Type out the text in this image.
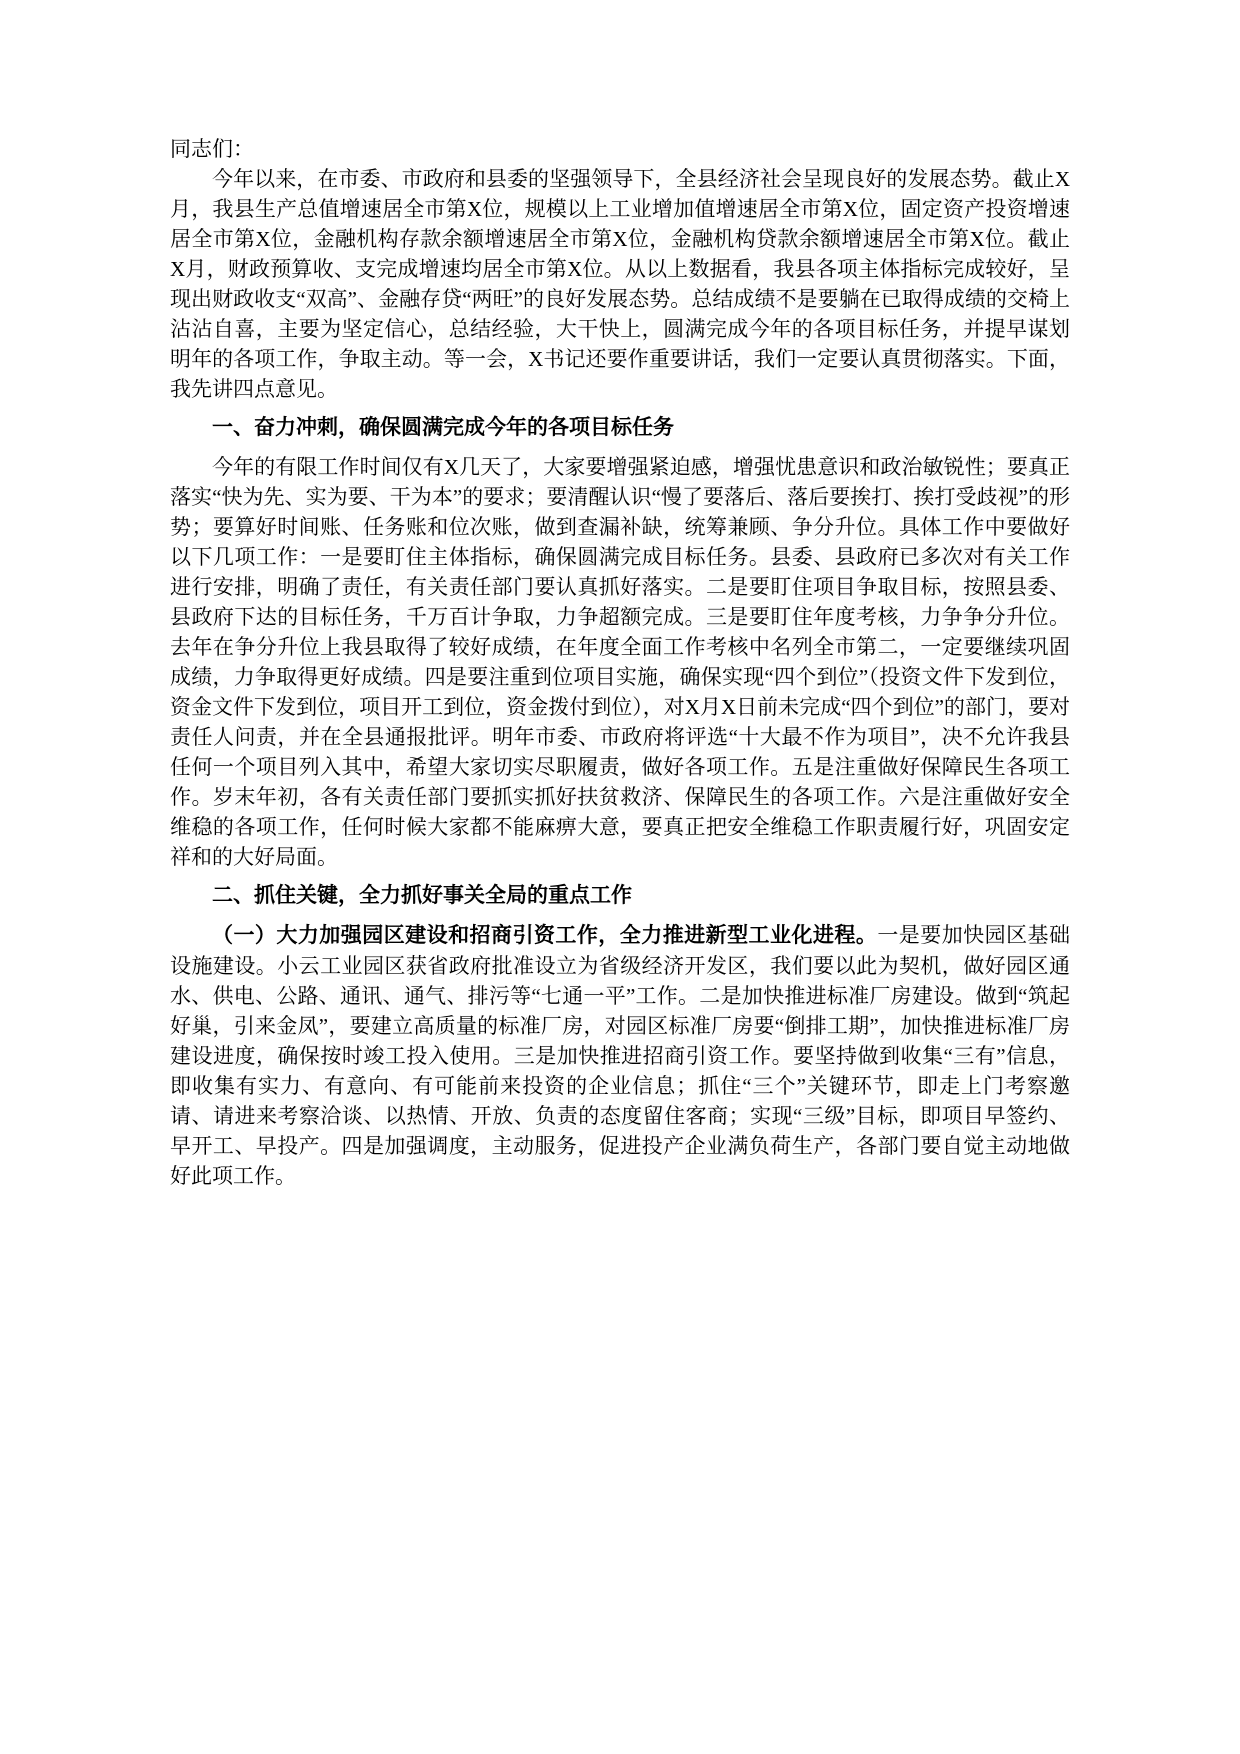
同志们：

今年以来，在市委、市政府和县委的坚强领导下，全县经济社会呈现良好的发展态势。截止X月，我县生产总值增速居全市第X位，规模以上工业增加值增速居全市第X位，固定资产投资增速居全市第X位，金融机构存款余额增速居全市第X位，金融机构贷款余额增速居全市第X位。截止X月，财政预算收、支完成增速均居全市第X位。从以上数据看，我县各项主体指标完成较好，呈现出财政收支“双高”、金融存贷“两旺”的良好发展态势。总结成绩不是要躺在已取得成绩的交椅上沾沾自喜，主要为坚定信心，总结经验，大干快上，圆满完成今年的各项目标任务，并提早谋划明年的各项工作，争取主动。等一会，X书记还要作重要讲话，我们一定要认真贯彻落实。下面，我先讲四点意见。

一、奋力冲刺，确保圆满完成今年的各项目标任务

今年的有限工作时间仅有X几天了，大家要增强紧迫感，增强忧患意识和政治敏锐性；要真正落实“快为先、实为要、干为本”的要求；要清醒认识“慢了要落后、落后要挨打、挨打受歧视”的形势；要算好时间账、任务账和位次账，做到查漏补缺，统筹兼顾、争分升位。具体工作中要做好以下几项工作：一是要盯住主体指标，确保圆满完成目标任务。县委、县政府已多次对有关工作进行安排，明确了责任，有关责任部门要认真抓好落实。二是要盯住项目争取目标，按照县委、县政府下达的目标任务，千万百计争取，力争超额完成。三是要盯住年度考核，力争争分升位。去年在争分升位上我县取得了较好成绩，在年度全面工作考核中名列全市第二，一定要继续巩固成绩，力争取得更好成绩。四是要注重到位项目实施，确保实现“四个到位”（投资文件下发到位，资金文件下发到位，项目开工到位，资金拨付到位），对X月X日前未完成“四个到位”的部门，要对责任人问责，并在全县通报批评。明年市委、市政府将评选“十大最不作为项目”，决不允许我县任何一个项目列入其中，希望大家切实尽职履责，做好各项工作。五是注重做好保障民生各项工作。岁末年初，各有关责任部门要抓实抓好扶贫救济、保障民生的各项工作。六是注重做好安全维稳的各项工作，任何时候大家都不能麻痹大意，要真正把安全维稳工作职责履行好，巩固安定祥和的大好局面。

二、抓住关键，全力抓好事关全局的重点工作

（一）大力加强园区建设和招商引资工作，全力推进新型工业化进程。一是要加快园区基础设施建设。小云工业园区获省政府批准设立为省级经济开发区，我们要以此为契机，做好园区通水、供电、公路、通讯、通气、排污等“七通一平”工作。二是加快推进标准厂房建设。做到“筑起好巢，引来金凤”，要建立高质量的标准厂房，对园区标准厂房要“倒排工期”，加快推进标准厂房建设进度，确保按时竣工投入使用。三是加快推进招商引资工作。要坚持做到收集“三有”信息，即收集有实力、有意向、有可能前来投资的企业信息；抓住“三个”关键环节，即走上门考察邀请、请进来考察洽谈、以热情、开放、负责的态度留住客商；实现“三级”目标，即项目早签约、早开工、早投产。四是加强调度，主动服务，促进投产企业满负荷生产，各部门要自觉主动地做好此项工作。
